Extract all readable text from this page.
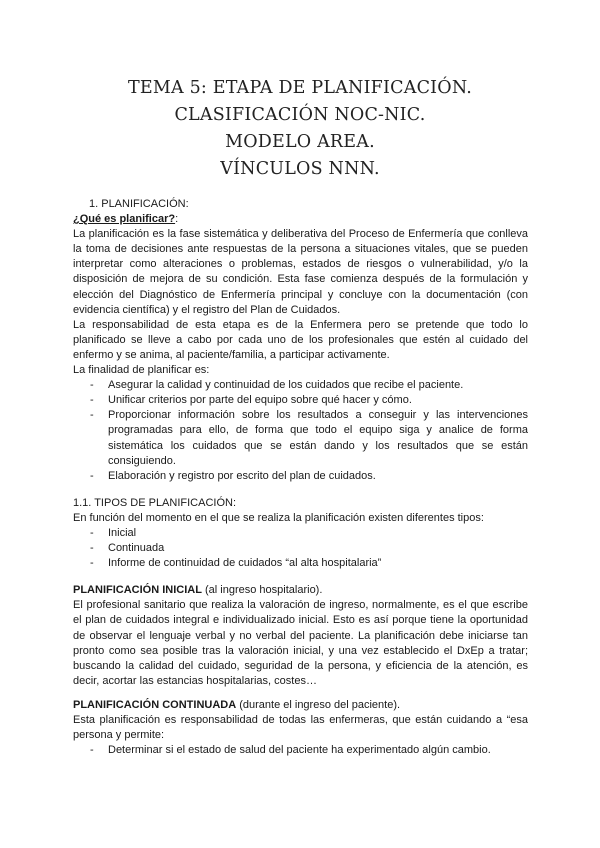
TEMA 5: ETAPA DE PLANIFICACIÓN.
CLASIFICACIÓN NOC-NIC.
MODELO AREA.
VÍNCULOS NNN.

1. PLANIFICACIÓN:

¿Qué es planificar?:

La planificación es la fase sistemática y deliberativa del Proceso de Enfermería que conlleva la toma de decisiones ante respuestas de la persona a situaciones vitales, que se pueden interpretar como alteraciones o problemas, estados de riesgos o vulnerabilidad, y/o la disposición de mejora de su condición. Esta fase comienza después de la formulación y elección del Diagnóstico de Enfermería principal y concluye con la documentación (con evidencia científica) y el registro del Plan de Cuidados.

La responsabilidad de esta etapa es de la Enfermera pero se pretende que todo lo planificado se lleve a cabo por cada uno de los profesionales que estén al cuidado del enfermo y se anima, al paciente/familia, a participar activamente.

La finalidad de planificar es:

- Asegurar la calidad y continuidad de los cuidados que recibe el paciente.
- Unificar criterios por parte del equipo sobre qué hacer y cómo.
- Proporcionar información sobre los resultados a conseguir y las intervenciones programadas para ello, de forma que todo el equipo siga y analice de forma sistemática los cuidados que se están dando y los resultados que se están consiguiendo.
- Elaboración y registro por escrito del plan de cuidados.

1.1. TIPOS DE PLANIFICACIÓN:

En función del momento en el que se realiza la planificación existen diferentes tipos:

- Inicial
- Continuada
- Informe de continuidad de cuidados “al alta hospitalaria”

PLANIFICACIÓN INICIAL (al ingreso hospitalario).

El profesional sanitario que realiza la valoración de ingreso, normalmente, es el que escribe el plan de cuidados integral e individualizado inicial. Esto es así porque tiene la oportunidad de observar el lenguaje verbal y no verbal del paciente. La planificación debe iniciarse tan pronto como sea posible tras la valoración inicial, y una vez establecido el DxEp a tratar; buscando la calidad del cuidado, seguridad de la persona, y eficiencia de la atención, es decir, acortar las estancias hospitalarias, costes…

PLANIFICACIÓN CONTINUADA (durante el ingreso del paciente).

Esta planificación es responsabilidad de todas las enfermeras, que están cuidando a “esa persona y permite:

- Determinar si el estado de salud del paciente ha experimentado algún cambio.
